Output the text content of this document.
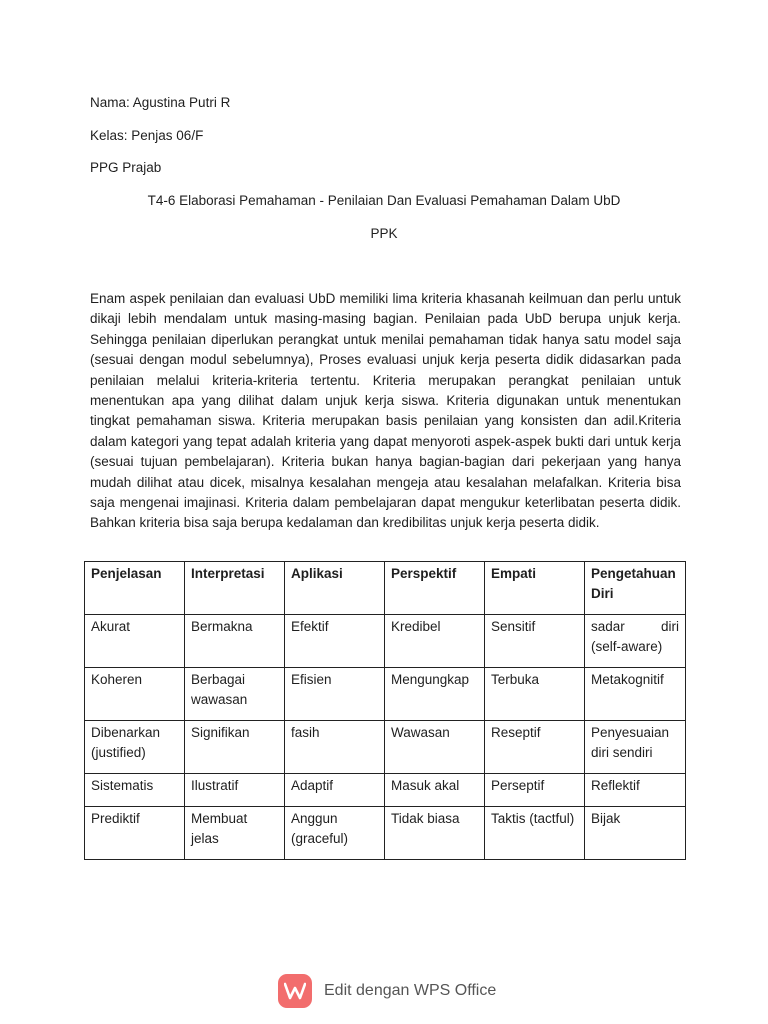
Nama: Agustina Putri R
Kelas: Penjas 06/F
PPG Prajab
T4-6 Elaborasi Pemahaman - Penilaian Dan Evaluasi Pemahaman Dalam UbD
PPK

Enam aspek penilaian dan evaluasi UbD memiliki lima kriteria khasanah keilmuan dan perlu untuk dikaji lebih mendalam untuk masing-masing bagian. Penilaian pada UbD berupa unjuk kerja. Sehingga penilaian diperlukan perangkat untuk menilai pemahaman tidak hanya satu model saja (sesuai dengan modul sebelumnya), Proses evaluasi unjuk kerja peserta didik didasarkan pada penilaian melalui kriteria-kriteria tertentu. Kriteria merupakan perangkat penilaian untuk menentukan apa yang dilihat dalam unjuk kerja siswa. Kriteria digunakan untuk menentukan tingkat pemahaman siswa. Kriteria merupakan basis penilaian yang konsisten dan adil.Kriteria dalam kategori yang tepat adalah kriteria yang dapat menyoroti aspek-aspek bukti dari untuk kerja (sesuai tujuan pembelajaran). Kriteria bukan hanya bagian-bagian dari pekerjaan yang hanya mudah dilihat atau dicek, misalnya kesalahan mengeja atau kesalahan melafalkan. Kriteria bisa saja mengenai imajinasi. Kriteria dalam pembelajaran dapat mengukur keterlibatan peserta didik. Bahkan kriteria bisa saja berupa kedalaman dan kredibilitas unjuk kerja peserta didik.

Penjelasan	Interpretasi	Aplikasi	Perspektif	Empati	Pengetahuan Diri
Akurat	Bermakna	Efektif	Kredibel	Sensitif	sadar diri
(self-aware)

Koheren	Berbagai wawasan	Efisien	Mengungkap	Terbuka	Metakognitif
Dibenarkan (justified)	Signifikan	fasih	Wawasan	Reseptif	Penyesuaian diri sendiri
Sistematis	Ilustratif	Adaptif	Masuk akal	Perseptif	Reflektif
Prediktif	Membuat jelas	Anggun (graceful)	Tidak biasa	Taktis (tactful)	Bijak
Edit dengan WPS Office
